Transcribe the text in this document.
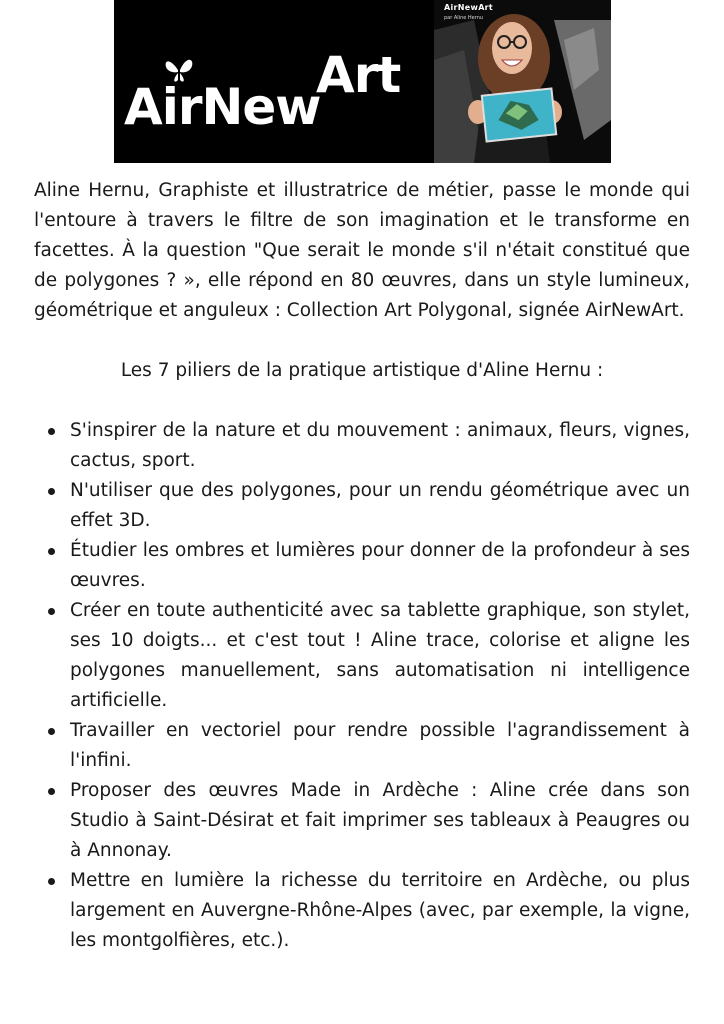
AirNew
Art
AirNewArt
par Aline Hernu

Aline Hernu, Graphiste et illustratrice de métier, passe le monde qui l'entoure à travers le filtre de son imagination et le transforme en facettes. À la question "Que serait le monde s'il n'était constitué que de polygones ? », elle répond en 80 œuvres, dans un style lumineux, géométrique et anguleux : Collection Art Polygonal, signée AirNewArt.

Les 7 piliers de la pratique artistique d'Aline Hernu :

S'inspirer de la nature et du mouvement : animaux, fleurs, vignes, cactus, sport.
N'utiliser que des polygones, pour un rendu géométrique avec un effet 3D.
Étudier les ombres et lumières pour donner de la profondeur à ses œuvres.
Créer en toute authenticité avec sa tablette graphique, son stylet, ses 10 doigts... et c'est tout ! Aline trace, colorise et aligne les polygones manuellement, sans automatisation ni intelligence artificielle.
Travailler en vectoriel pour rendre possible l'agrandissement à l'infini.
Proposer des œuvres Made in Ardèche : Aline crée dans son Studio à Saint-Désirat et fait imprimer ses tableaux à Peaugres ou à Annonay.
Mettre en lumière la richesse du territoire en Ardèche, ou plus largement en Auvergne-Rhône-Alpes (avec, par exemple, la vigne, les montgolfières, etc.).
